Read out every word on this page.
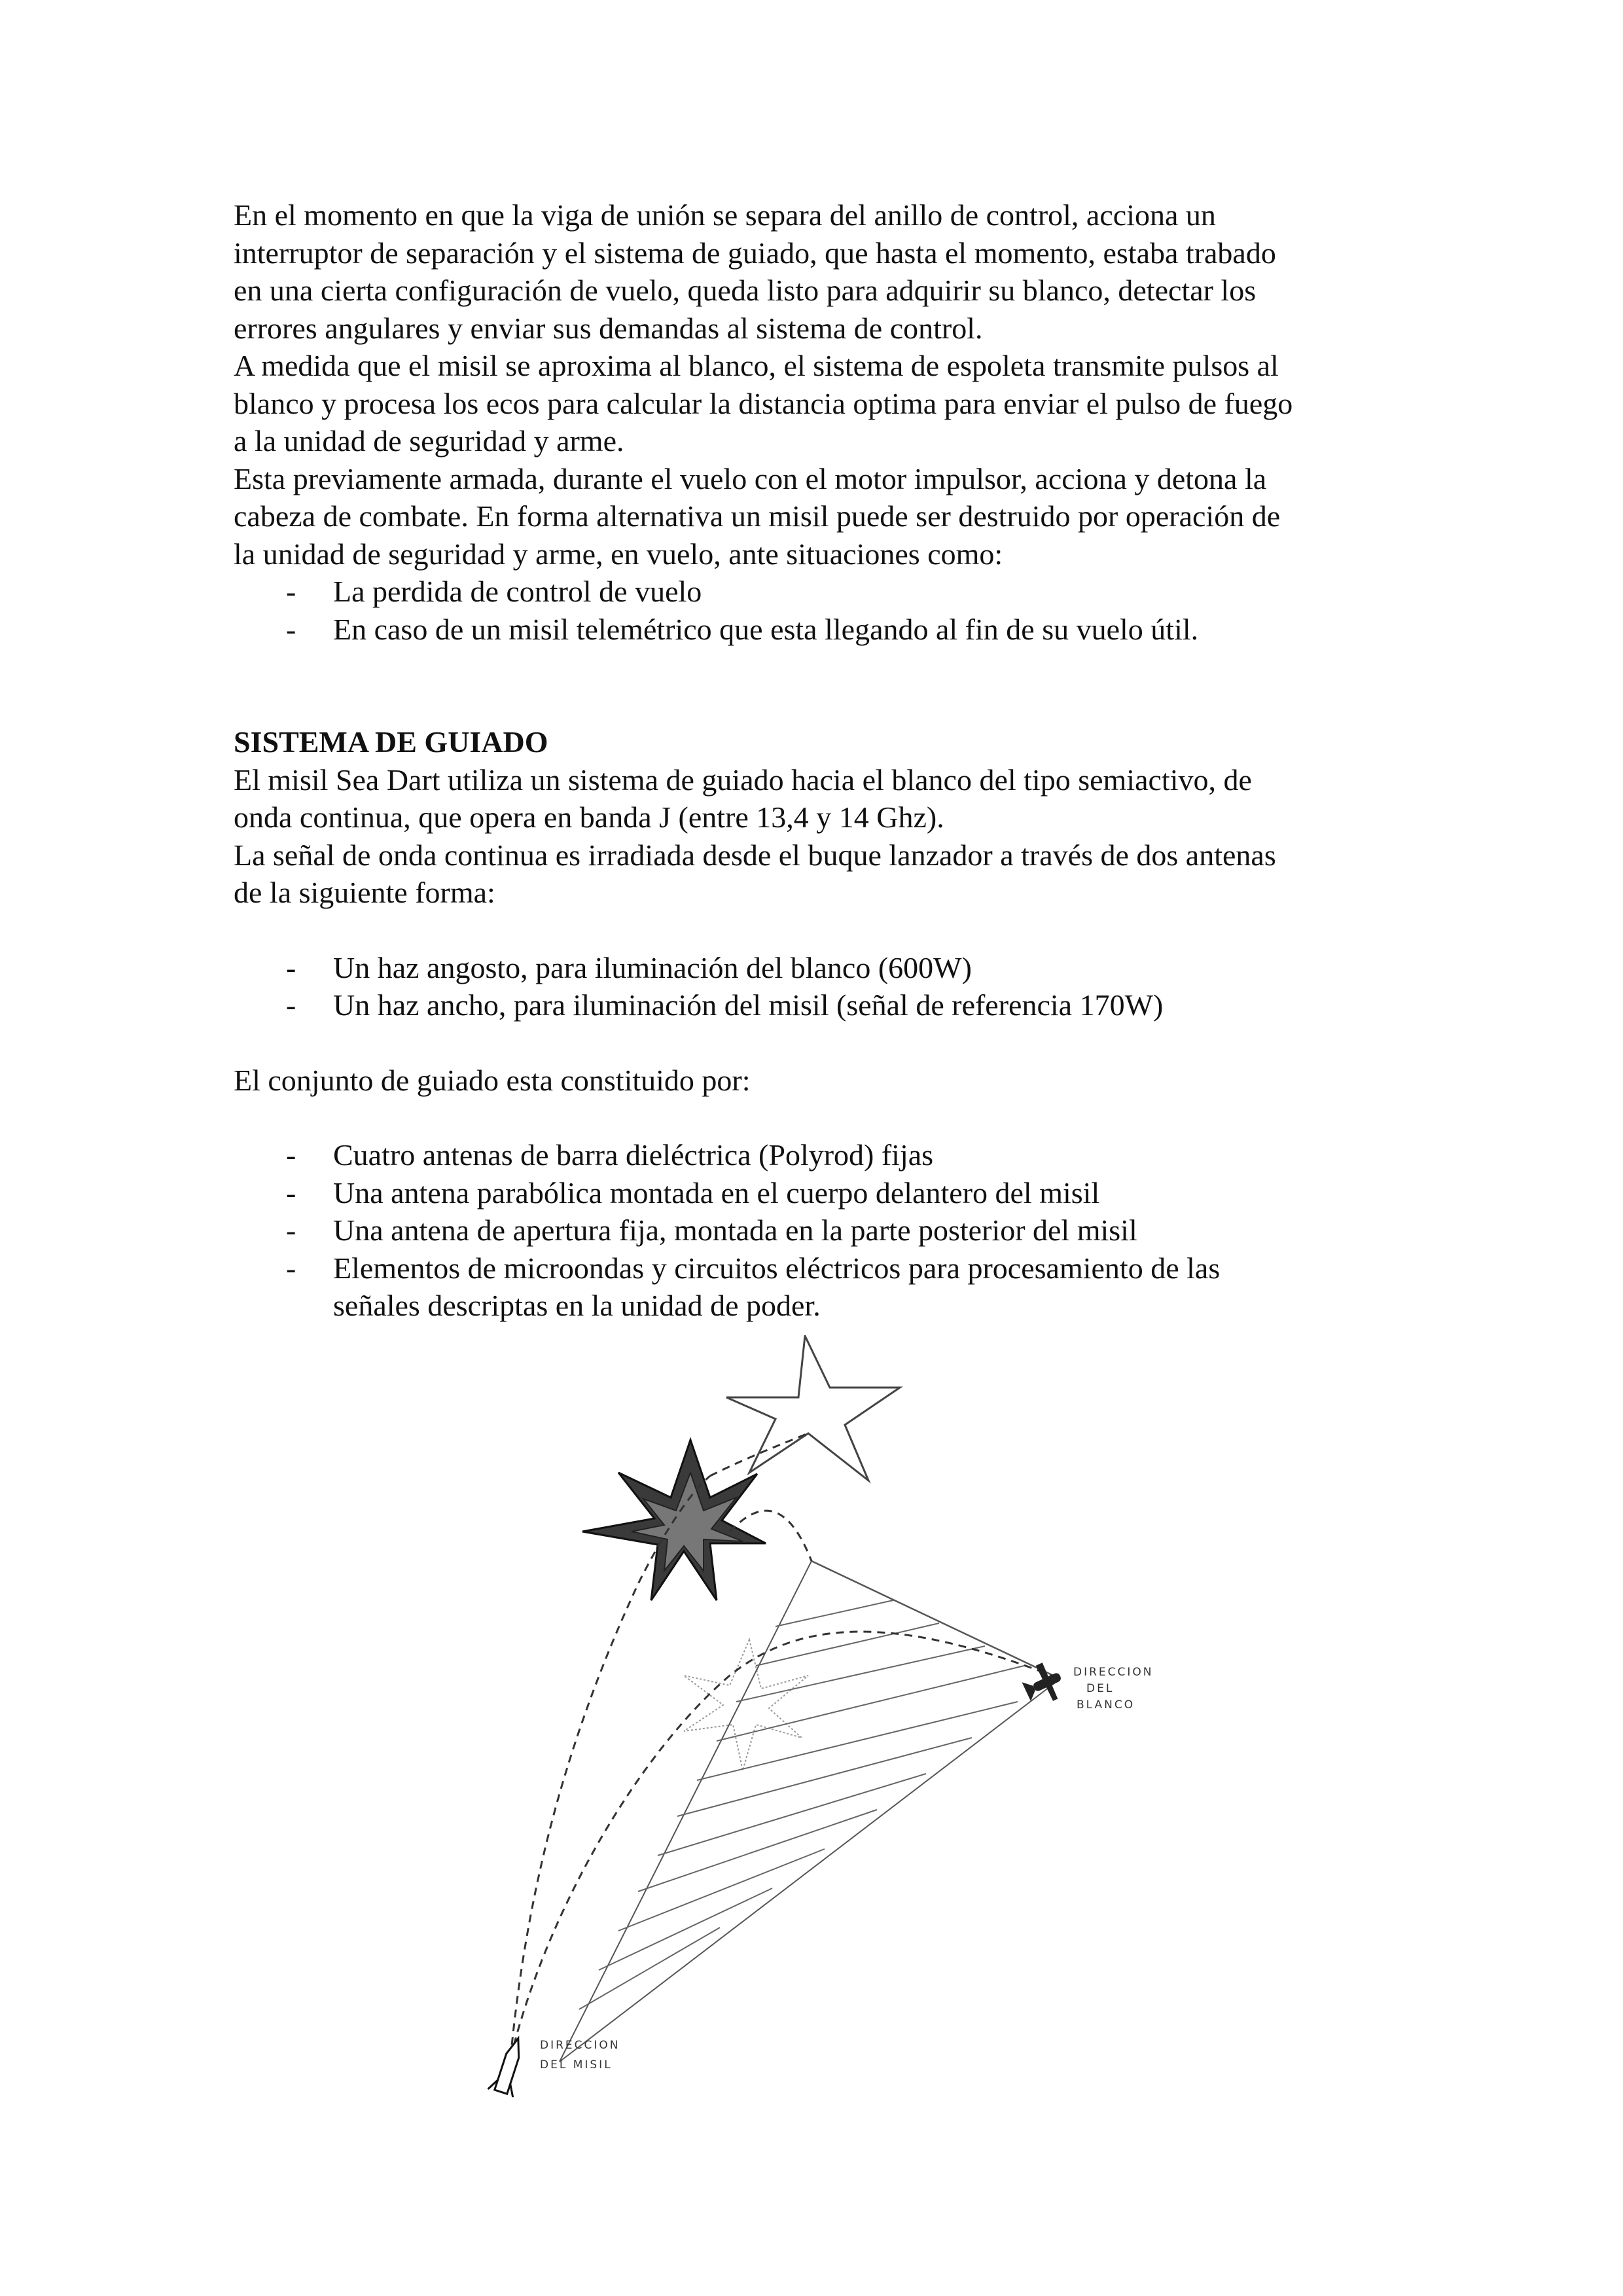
En el momento en que la viga de unión se separa del anillo de control, acciona un
interruptor de separación y el sistema de guiado, que hasta el momento, estaba trabado
en una cierta configuración de vuelo, queda listo para adquirir su blanco, detectar los
errores angulares y enviar sus demandas al sistema de control.

A medida que el misil se aproxima al blanco, el sistema de espoleta transmite pulsos al
blanco y procesa los ecos para calcular la distancia optima para enviar el pulso de fuego
a la unidad de seguridad y arme.

Esta previamente armada, durante el vuelo con el motor impulsor, acciona y detona la
cabeza de combate. En forma alternativa un misil puede ser destruido por operación de
la unidad de seguridad y arme, en vuelo, ante situaciones como:

- La perdida de control de vuelo
- En caso de un misil telemétrico que esta llegando al fin de su vuelo útil.

SISTEMA DE GUIADO

El misil Sea Dart utiliza un sistema de guiado hacia el blanco del tipo semiactivo, de
onda continua, que opera en banda J (entre 13,4 y 14 Ghz).

La señal de onda continua es irradiada desde el buque lanzador a través de dos antenas
de la siguiente forma:

- Un haz angosto, para iluminación del blanco (600W)
- Un haz ancho, para iluminación del misil (señal de referencia 170W)

El conjunto de guiado esta constituido por:

- Cuatro antenas de barra dieléctrica (Polyrod) fijas
- Una antena parabólica montada en el cuerpo delantero del misil
- Una antena de apertura fija, montada en la parte posterior del misil
- Elementos de microondas y circuitos eléctricos para procesamiento de las
señales descriptas en la unidad de poder.
DIRECCION
DEL
BLANCO
DIRECCION
DEL MISIL
